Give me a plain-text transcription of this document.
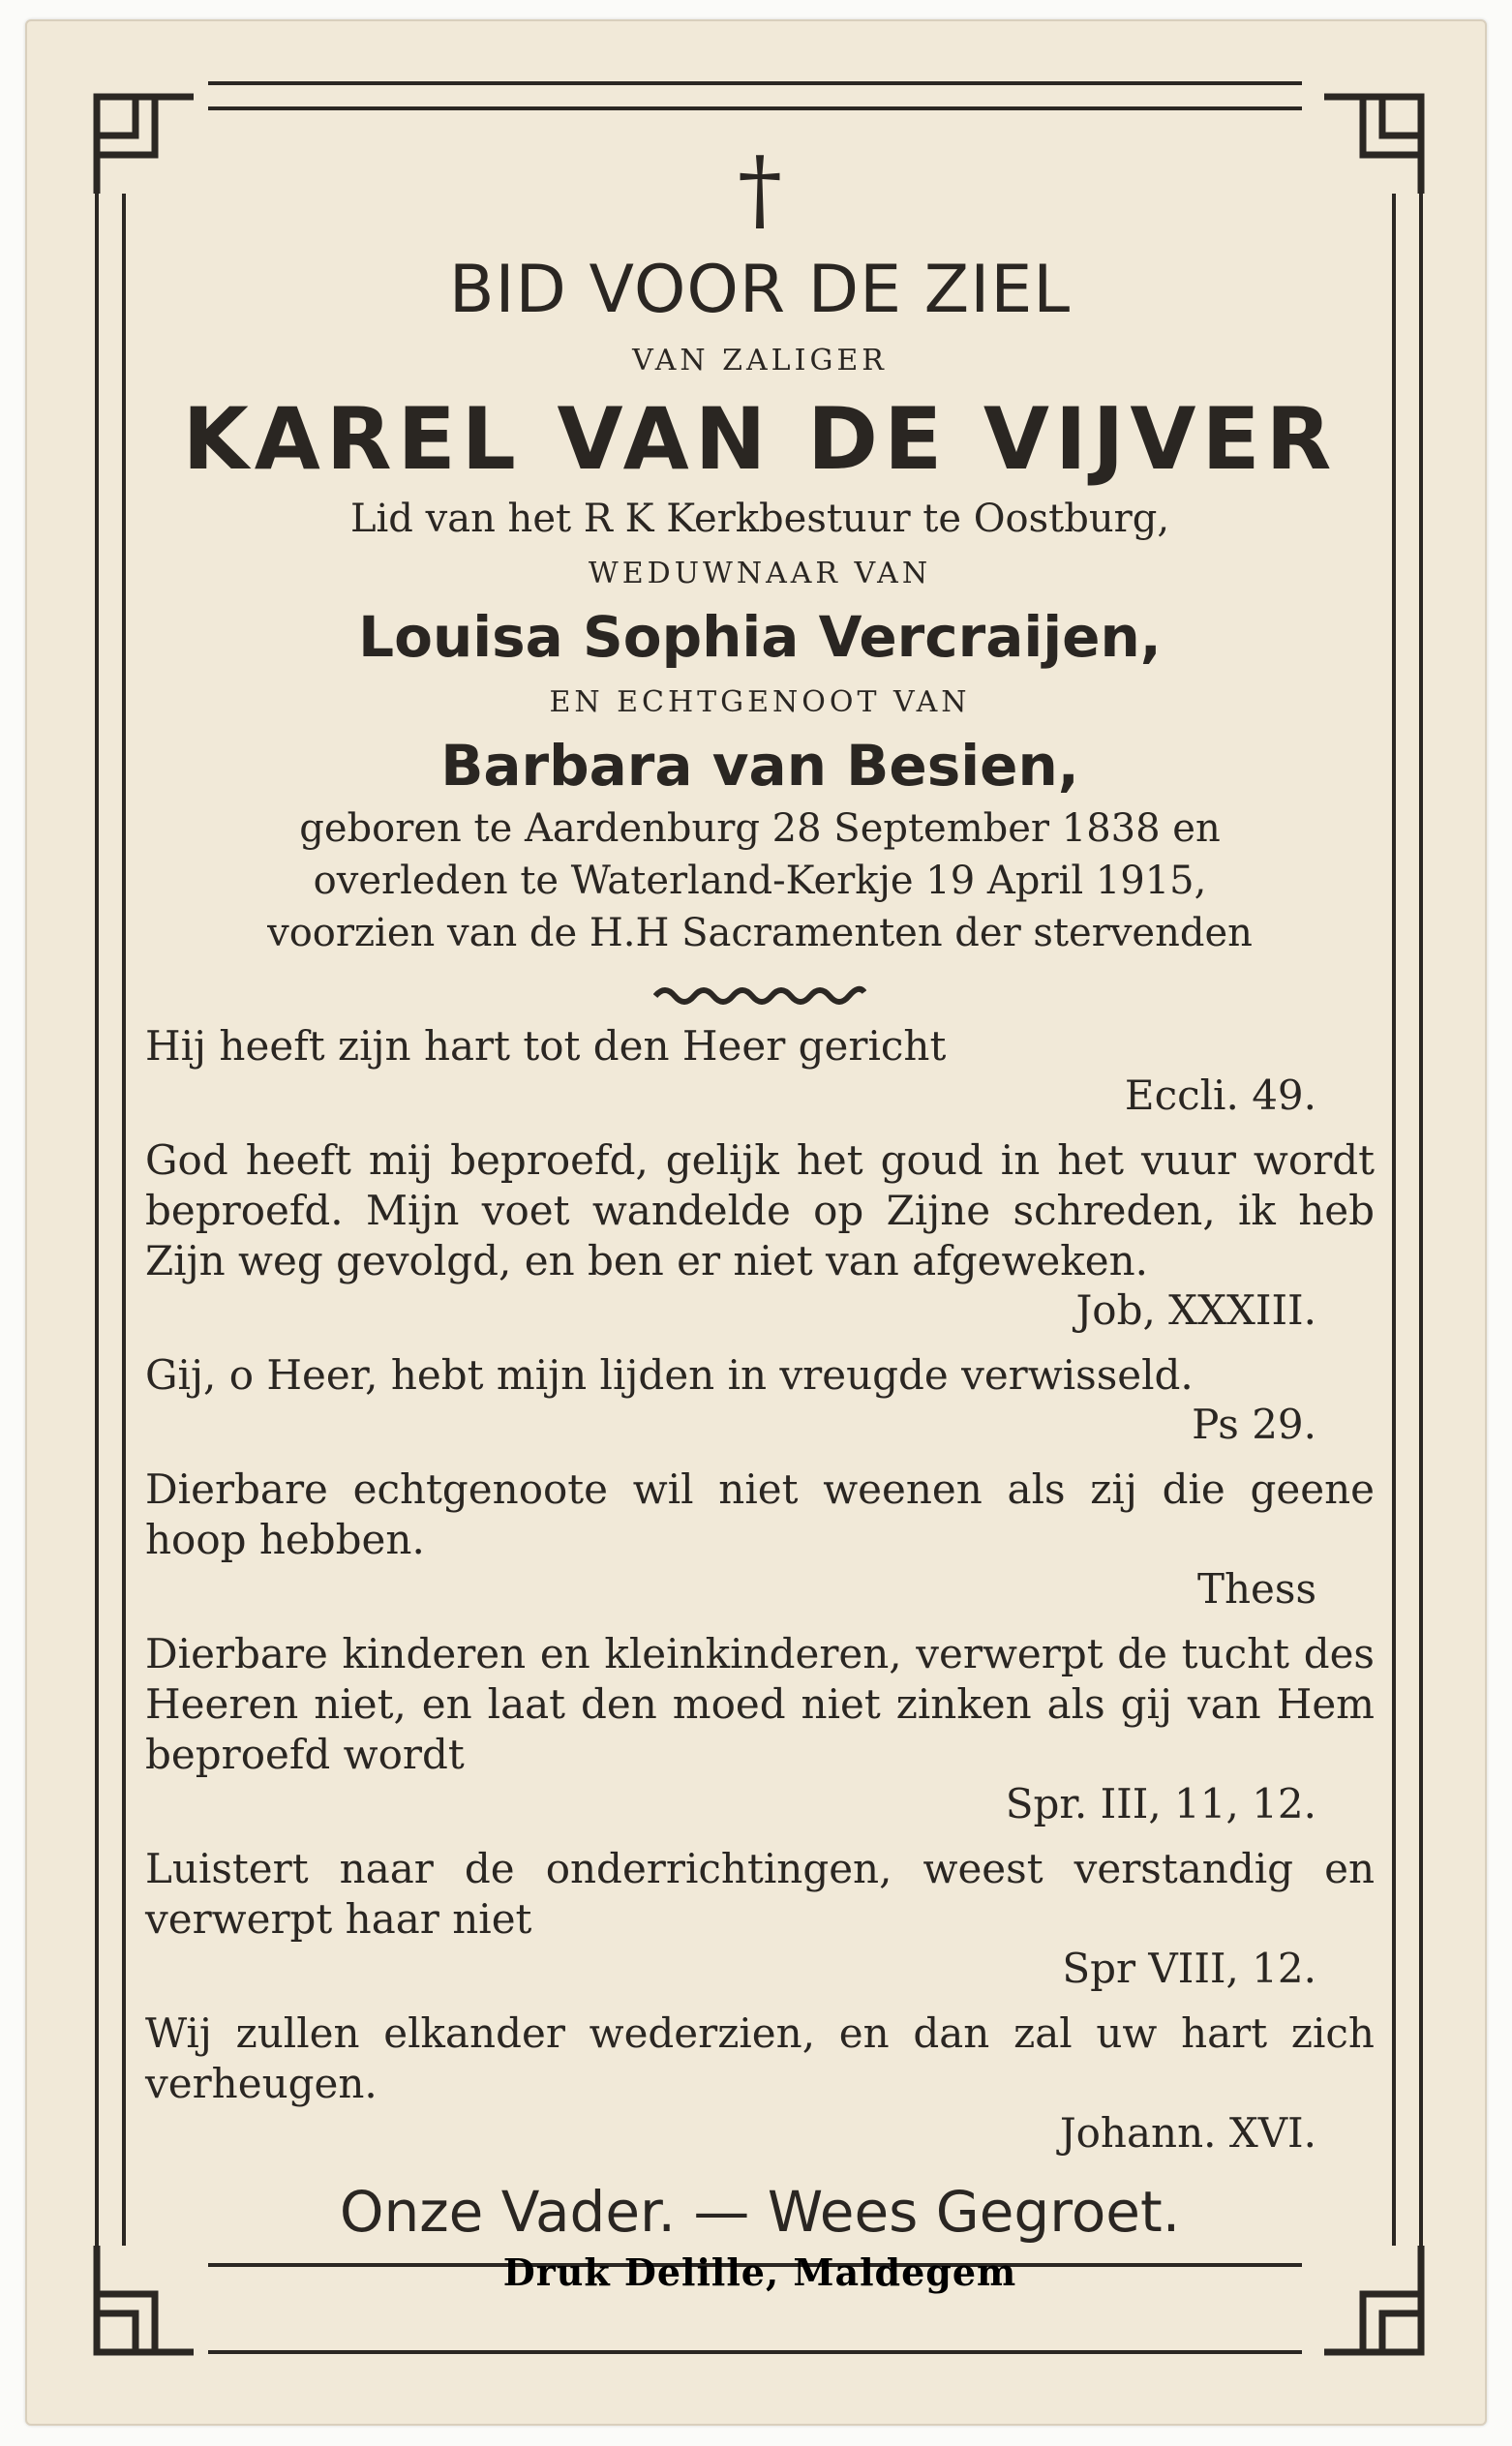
†
BID VOOR DE ZIEL
VAN ZALIGER
KAREL VAN DE VIJVER
Lid van het R K Kerkbestuur te Oostburg,
WEDUWNAAR VAN
Louisa Sophia Vercraijen,
EN ECHTGENOOT VAN
Barbara van Besien,
geboren te Aardenburg 28 September 1838 en
overleden te Waterland-Kerkje 19 April 1915,
voorzien van de H.H Sacramenten der stervenden
Hij heeft zijn hart tot den Heer gericht
Eccli. 49.
God heeft mij beproefd, gelijk het goud in het vuur wordt beproefd. Mijn voet wandelde op Zijne schreden, ik heb Zijn weg gevolgd, en ben er niet van afgeweken.
Job, XXXIII.
Gij, o Heer, hebt mijn lijden in vreugde verwisseld.
Ps 29.
Dierbare echtgenoote wil niet weenen als zij die geene hoop hebben.
Thess
Dierbare kinderen en kleinkinderen, verwerpt de tucht des Heeren niet, en laat den moed niet zinken als gij van Hem beproefd wordt
Spr. III, 11, 12.
Luistert naar de onderrichtingen, weest verstandig en verwerpt haar niet
Spr VIII, 12.
Wij zullen elkander wederzien, en dan zal uw hart zich verheugen.
Johann. XVI.
Onze Vader. — Wees Gegroet.
Druk Delille, Maldegem
